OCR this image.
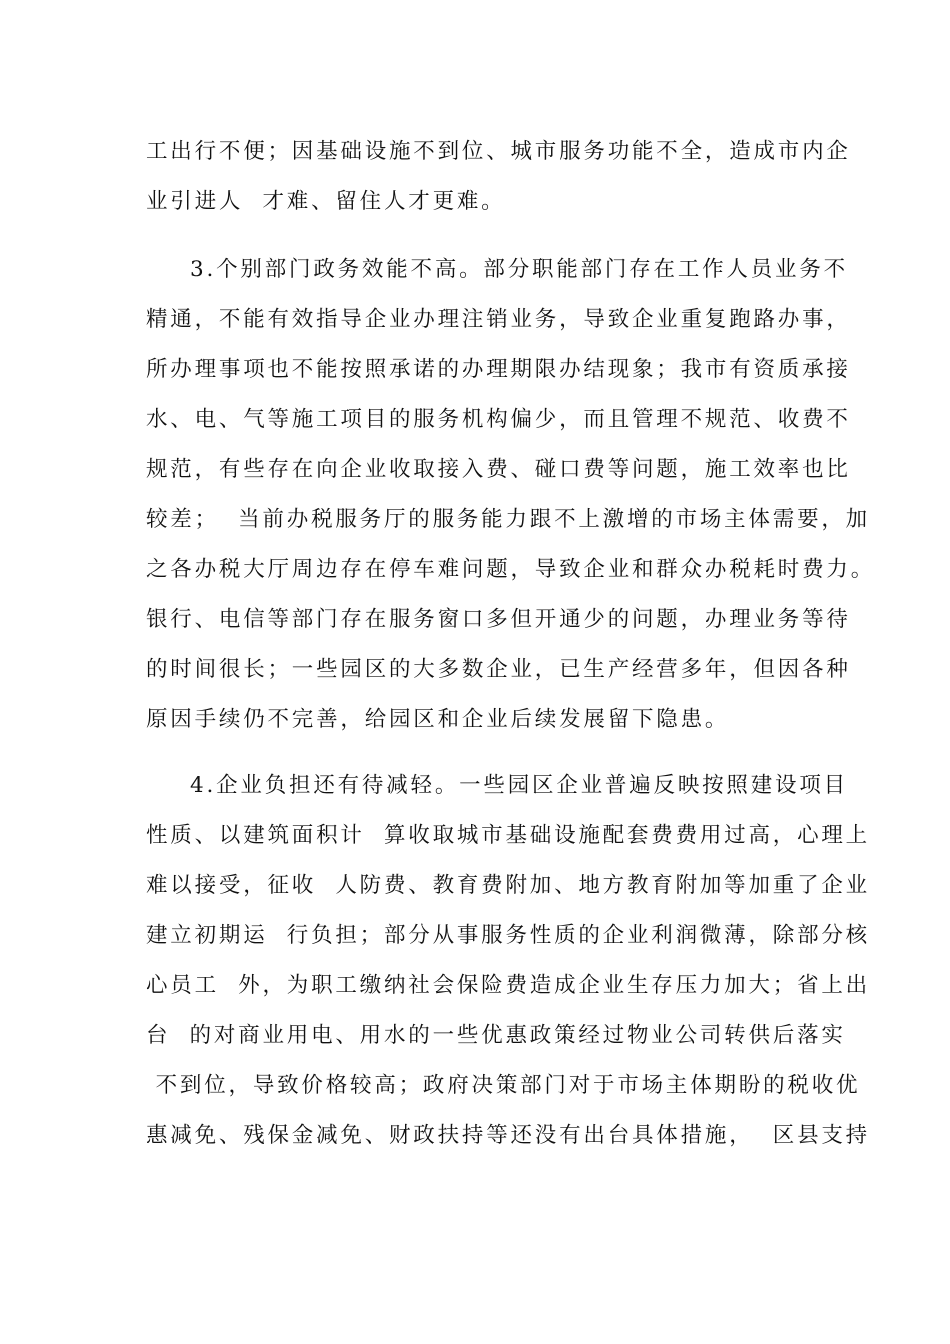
工出行不便；因基础设施不到位、城市服务功能不全，造成市内企
业引进人  才难、留住人才更难。
3.个别部门政务效能不高。部分职能部门存在工作人员业务不
精通，不能有效指导企业办理注销业务，导致企业重复跑路办事，
所办理事项也不能按照承诺的办理期限办结现象；我市有资质承接
水、电、气等施工项目的服务机构偏少，而且管理不规范、收费不
规范，有些存在向企业收取接入费、碰口费等问题，施工效率也比
较差；  当前办税服务厅的服务能力跟不上激增的市场主体需要，加
之各办税大厅周边存在停车难问题，导致企业和群众办税耗时费力。
银行、电信等部门存在服务窗口多但开通少的问题，办理业务等待
的时间很长；一些园区的大多数企业，已生产经营多年，但因各种
原因手续仍不完善，给园区和企业后续发展留下隐患。
4.企业负担还有待减轻。一些园区企业普遍反映按照建设项目
性质、以建筑面积计  算收取城市基础设施配套费费用过高，心理上
难以接受，征收  人防费、教育费附加、地方教育附加等加重了企业
建立初期运  行负担；部分从事服务性质的企业利润微薄，除部分核
心员工  外，为职工缴纳社会保险费造成企业生存压力加大；省上出
台  的对商业用电、用水的一些优惠政策经过物业公司转供后落实
不到位，导致价格较高；政府决策部门对于市场主体期盼的税收优
惠减免、残保金减免、财政扶持等还没有出台具体措施，  区县支持
